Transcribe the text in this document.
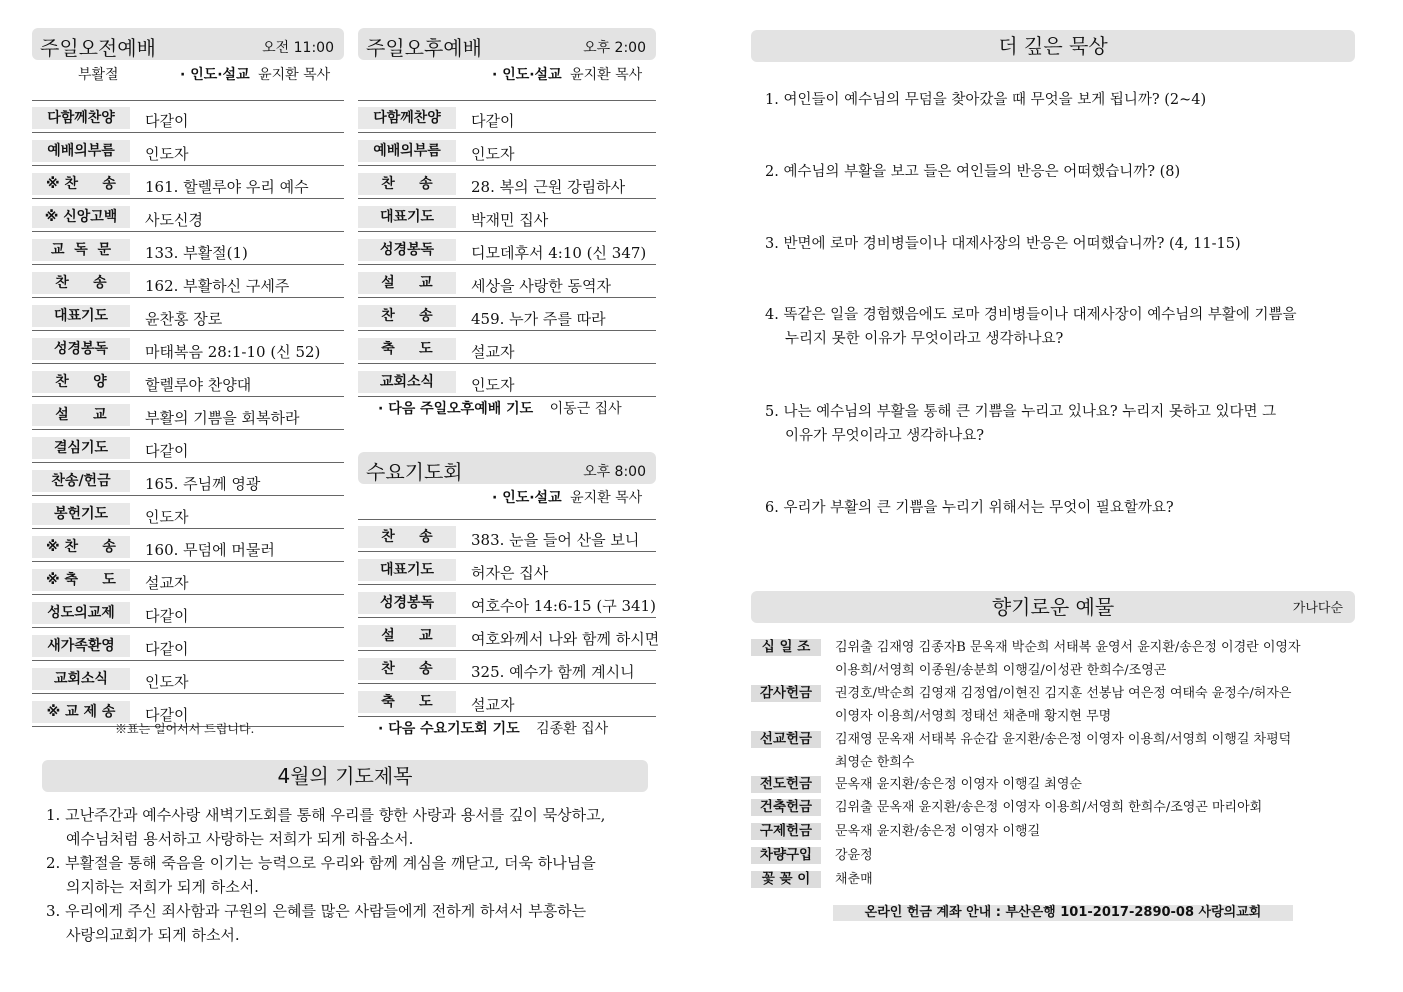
주일오전예배	오전 11:00
부활절	· 인도·설교 윤지환 목사
다함께찬양	다같이
예배의부름	인도자
※ 찬     송	161. 할렐루야 우리 예수
※ 신앙고백	사도신경
교  독  문	133. 부활절(1)
찬     송	162. 부활하신 구세주
대표기도	윤찬홍 장로
성경봉독	마태복음 28:1-10 (신 52)
찬     양	할렐루야 찬양대
설     교	부활의 기쁨을 회복하라
결심기도	다같이
찬송/헌금	165. 주님께 영광
봉헌기도	인도자
※ 찬     송	160. 무덤에 머물러
※ 축     도	설교자
성도의교제	다같이
새가족환영	다같이
교회소식	인도자
※ 교 제 송	다같이
※표는 일어서서 드립니다.
주일오후예배	오후 2:00
· 인도·설교 윤지환 목사
다함께찬양	다같이
예배의부름	인도자
찬     송	28. 복의 근원 강림하사
대표기도	박재민 집사
성경봉독	디모데후서 4:10 (신 347)
설     교	세상을 사랑한 동역자
찬     송	459. 누가 주를 따라
축     도	설교자
교회소식	인도자
· 다음 주일오후예배 기도 이동근 집사
수요기도회	오후 8:00
· 인도·설교 윤지환 목사
찬     송	383. 눈을 들어 산을 보니
대표기도	허자은 집사
성경봉독	여호수아 14:6-15 (구 341)
설     교	여호와께서 나와 함께 하시면
찬     송	325. 예수가 함께 계시니
축     도	설교자
· 다음 수요기도회 기도 김종환 집사
4월의 기도제목
1. 고난주간과 예수사랑 새벽기도회를 통해 우리를 향한 사랑과 용서를 깊이 묵상하고,
예수님처럼 용서하고 사랑하는 저희가 되게 하옵소서.
2. 부활절을 통해 죽음을 이기는 능력으로 우리와 함께 계심을 깨닫고, 더욱 하나님을
의지하는 저희가 되게 하소서.
3. 우리에게 주신 죄사함과 구원의 은혜를 많은 사람들에게 전하게 하셔서 부흥하는
사랑의교회가 되게 하소서.
더 깊은 묵상
1. 여인들이 예수님의 무덤을 찾아갔을 때 무엇을 보게 됩니까? (2~4)
2. 예수님의 부활을 보고 들은 여인들의 반응은 어떠했습니까? (8)
3. 반면에 로마 경비병들이나 대제사장의 반응은 어떠했습니까? (4, 11-15)
4. 똑같은 일을 경험했음에도 로마 경비병들이나 대제사장이 예수님의 부활에 기쁨을
누리지 못한 이유가 무엇이라고 생각하나요?
5. 나는 예수님의 부활을 통해 큰 기쁨을 누리고 있나요? 누리지 못하고 있다면 그
이유가 무엇이라고 생각하나요?
6. 우리가 부활의 큰 기쁨을 누리기 위해서는 무엇이 필요할까요?
향기로운 예물	가나다순
십 일 조	김위출 김재영 김종자B 문옥재 박순희 서태복 윤영서 윤지환/송은정 이경란 이영자
이용희/서영희 이종원/송분희 이행길/이성관 한희수/조영곤
감사헌금	권경호/박순희 김영재 김정엽/이현진 김지훈 선봉남 여은정 여태숙 윤정수/허자은
이영자 이용희/서영희 정태선 채춘매 황지현 무명
선교헌금	김재영 문옥재 서태복 유순갑 윤지환/송은정 이영자 이용희/서영희 이행길 차평덕
최영순 한희수
전도헌금	문옥재 윤지환/송은정 이영자 이행길 최영순
건축헌금	김위출 문옥재 윤지환/송은정 이영자 이용희/서영희 한희수/조영곤 마리아회
구제헌금	문옥재 윤지환/송은정 이영자 이행길
차량구입	강윤정
꽃 꽂 이	채춘매
온라인 헌금 계좌 안내 : 부산은행 101-2017-2890-08 사랑의교회
